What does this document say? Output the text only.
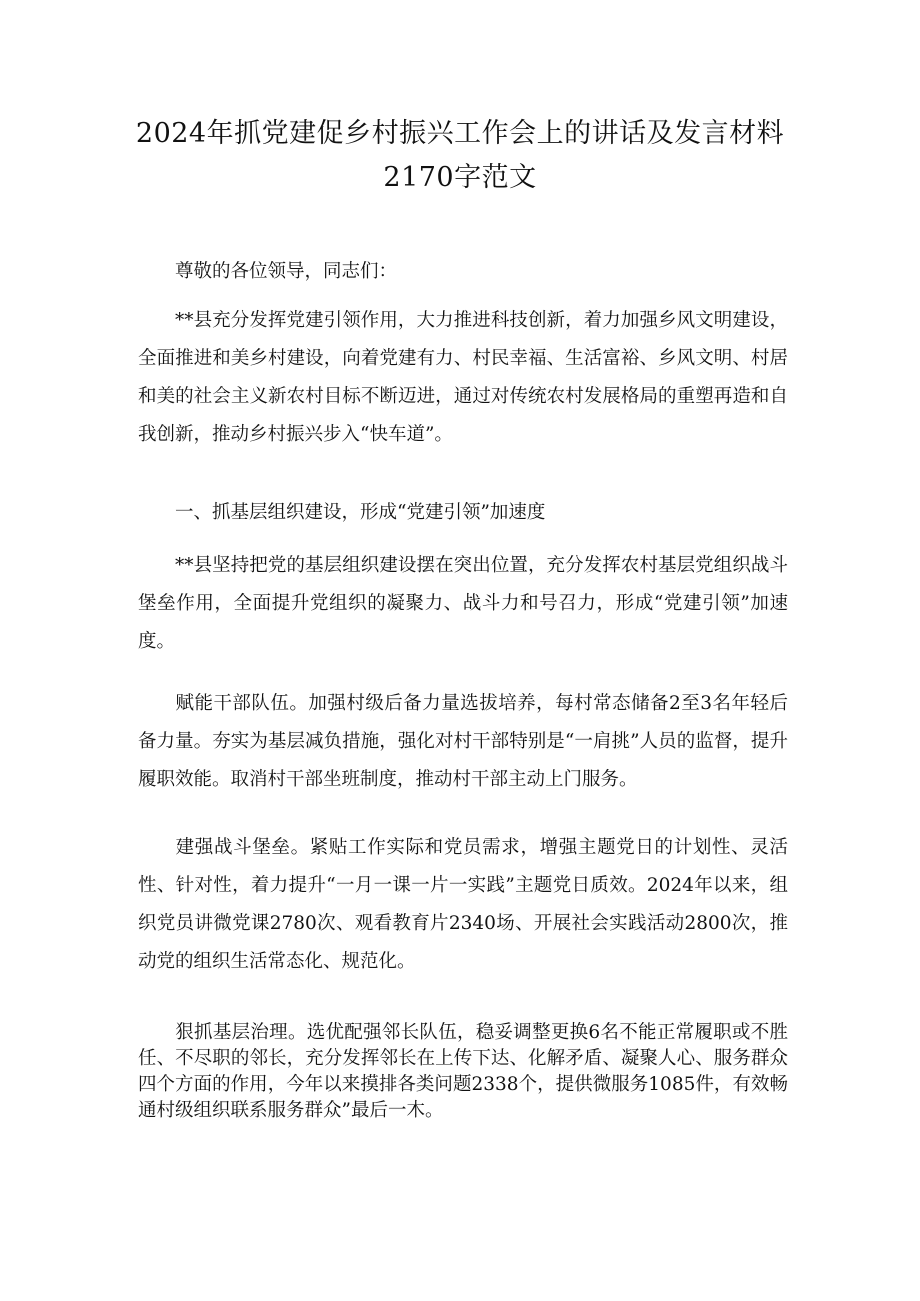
2024年抓党建促乡村振兴工作会上的讲话及发言材料2170字范文

尊敬的各位领导，同志们：

**县充分发挥党建引领作用，大力推进科技创新，着力加强乡风文明建设，全面推进和美乡村建设，向着党建有力、村民幸福、生活富裕、乡风文明、村居和美的社会主义新农村目标不断迈进，通过对传统农村发展格局的重塑再造和自我创新，推动乡村振兴步入“快车道”。

一、抓基层组织建设，形成“党建引领”加速度

**县坚持把党的基层组织建设摆在突出位置，充分发挥农村基层党组织战斗堡垒作用，全面提升党组织的凝聚力、战斗力和号召力，形成“党建引领”加速度。

赋能干部队伍。加强村级后备力量选拔培养，每村常态储备2至3名年轻后备力量。夯实为基层减负措施，强化对村干部特别是“一肩挑”人员的监督，提升履职效能。取消村干部坐班制度，推动村干部主动上门服务。

建强战斗堡垒。紧贴工作实际和党员需求，增强主题党日的计划性、灵活性、针对性，着力提升“一月一课一片一实践”主题党日质效。2024年以来，组织党员讲微党课2780次、观看教育片2340场、开展社会实践活动2800次，推动党的组织生活常态化、规范化。

狠抓基层治理。选优配强邻长队伍，稳妥调整更换6名不能正常履职或不胜任、不尽职的邻长，充分发挥邻长在上传下达、化解矛盾、凝聚人心、服务群众四个方面的作用，今年以来摸排各类问题2338个，提供微服务1085件，有效畅通村级组织联系服务群众”最后一木。
